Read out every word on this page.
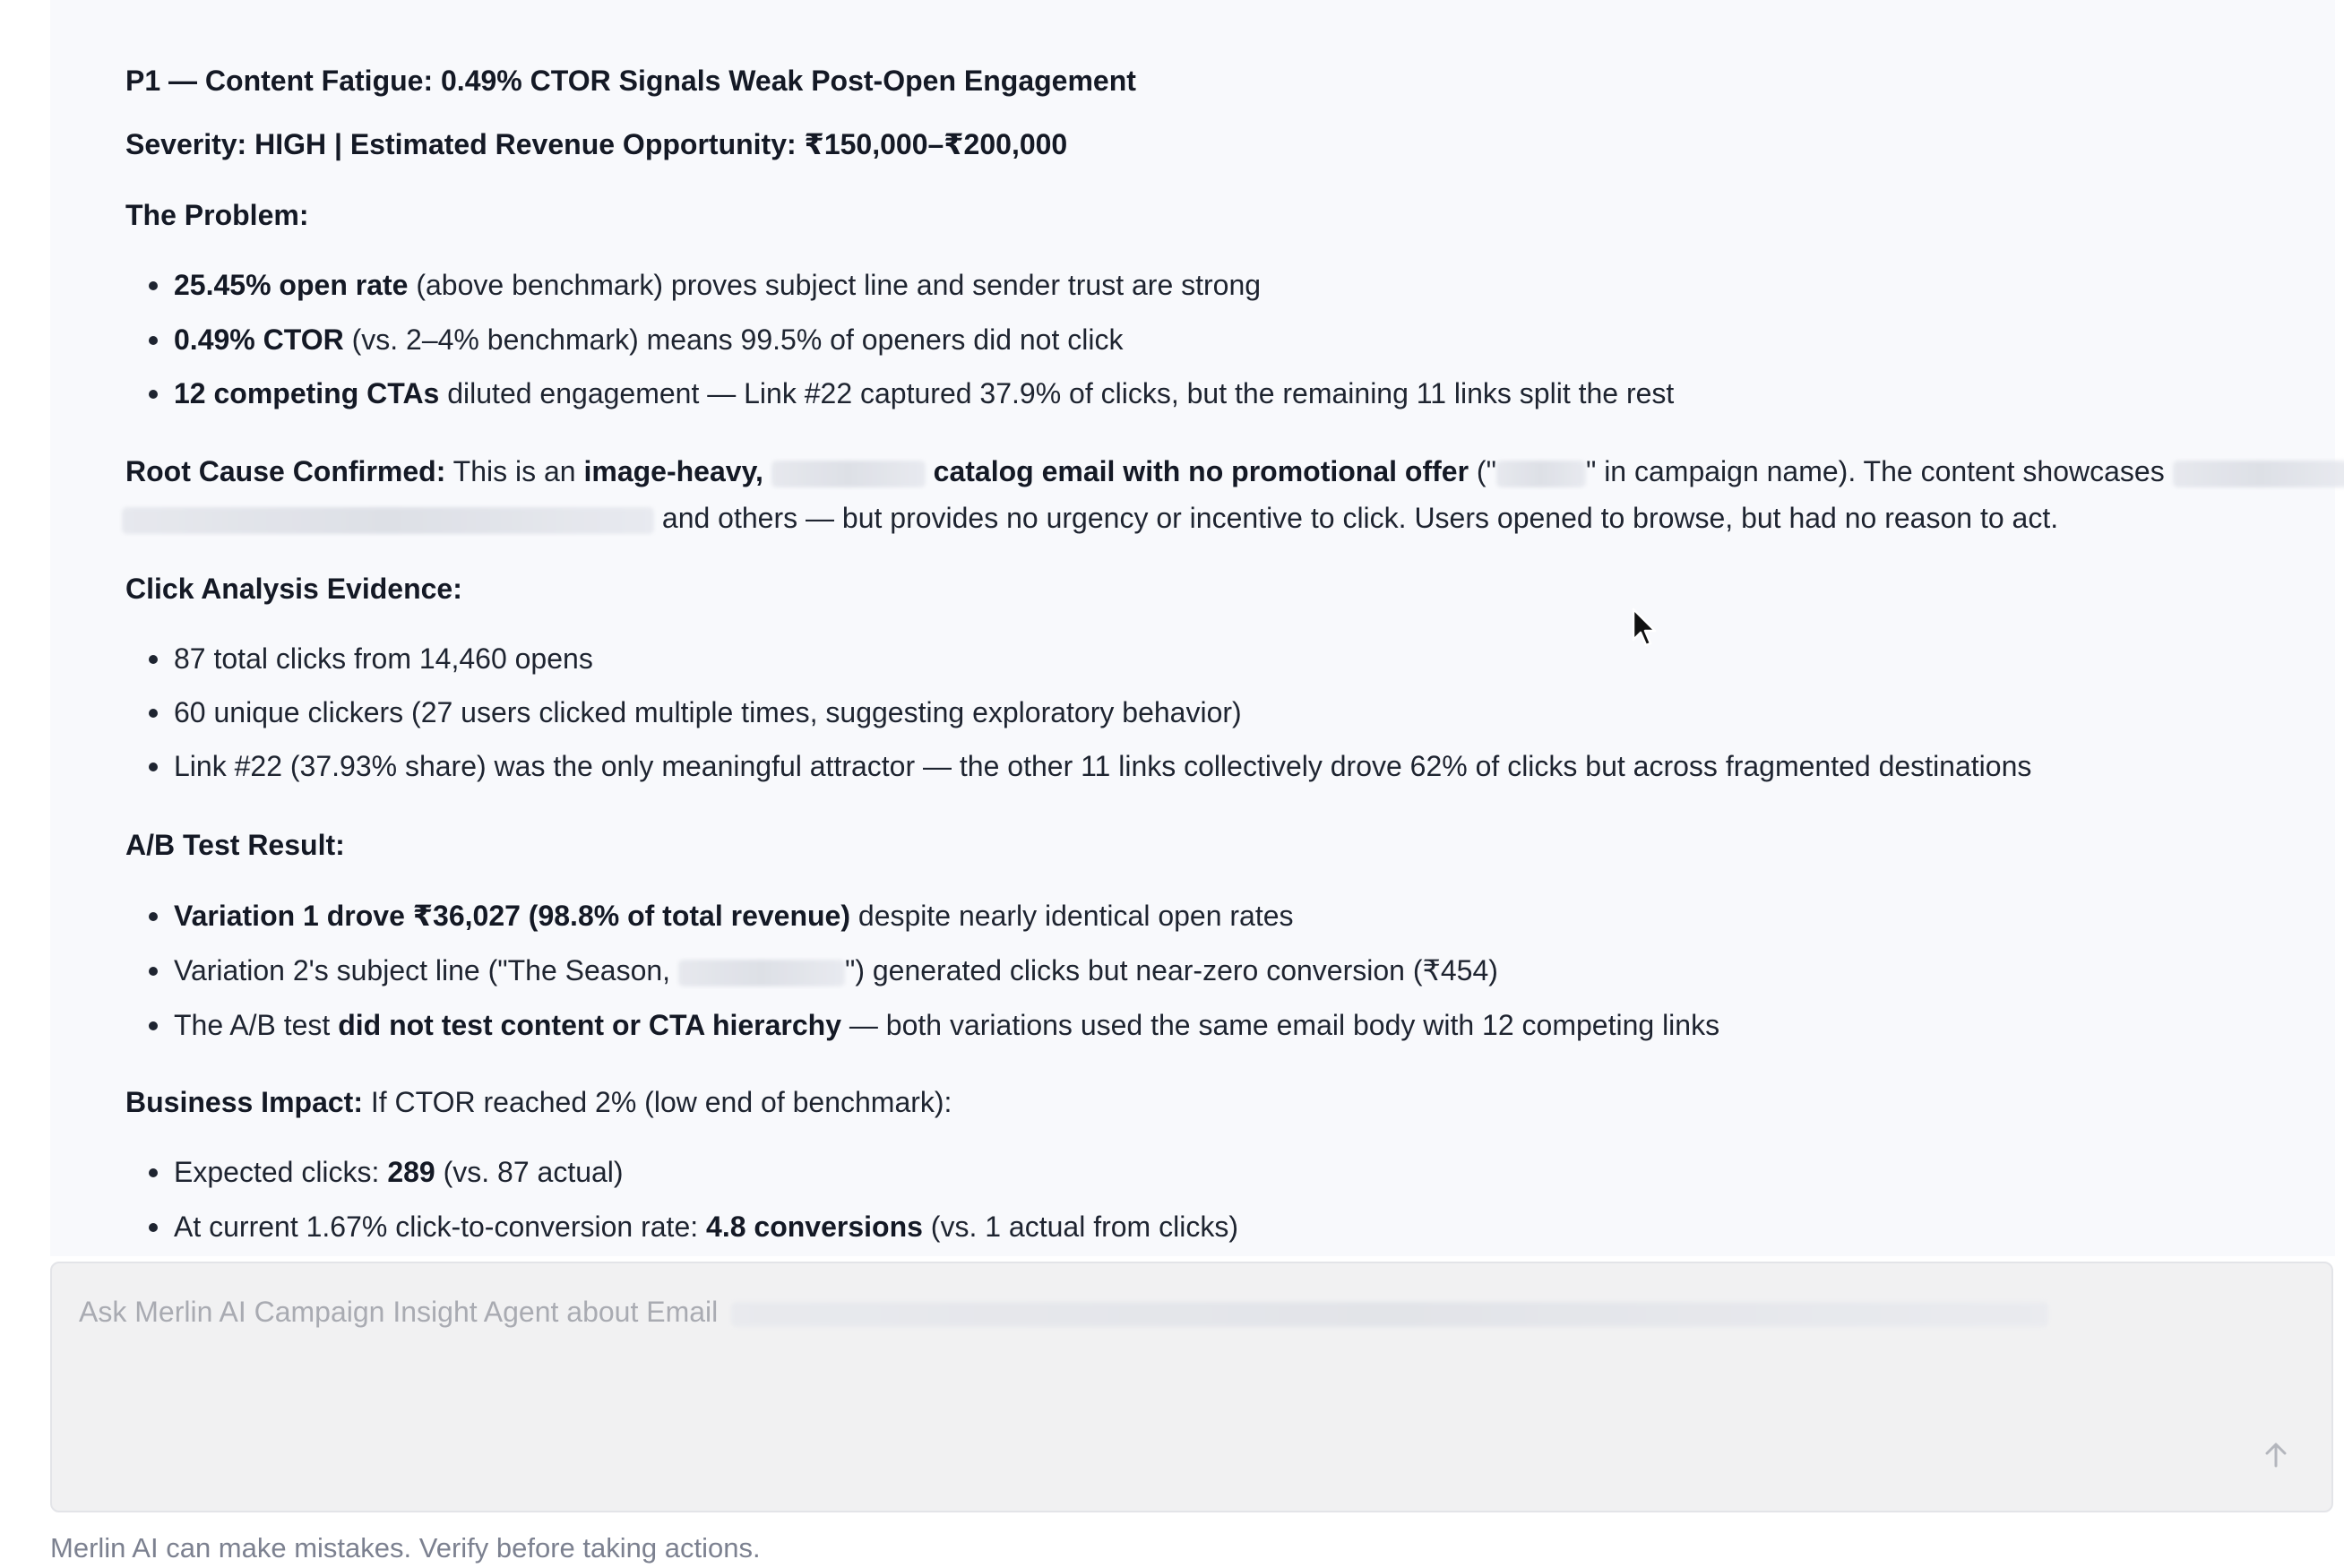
P1 — Content Fatigue: 0.49% CTOR Signals Weak Post-Open Engagement
Severity: HIGH | Estimated Revenue Opportunity: ₹150,000–₹200,000
The Problem:
25.45% open rate (above benchmark) proves subject line and sender trust are strong
0.49% CTOR (vs. 2–4% benchmark) means 99.5% of openers did not click
12 competing CTAs diluted engagement — Link #22 captured 37.9% of clicks, but the remaining 11 links split the rest
Root Cause Confirmed: This is an image-heavy,	catalog email with no promotional offer ("	" in campaign name). The content showcases
and others — but provides no urgency or incentive to click. Users opened to browse, but had no reason to act.
Click Analysis Evidence:
87 total clicks from 14,460 opens
60 unique clickers (27 users clicked multiple times, suggesting exploratory behavior)
Link #22 (37.93% share) was the only meaningful attractor — the other 11 links collectively drove 62% of clicks but across fragmented destinations
A/B Test Result:
Variation 1 drove ₹36,027 (98.8% of total revenue) despite nearly identical open rates
Variation 2's subject line ("The Season,	") generated clicks but near-zero conversion (₹454)
The A/B test did not test content or CTA hierarchy — both variations used the same email body with 12 competing links
Business Impact: If CTOR reached 2% (low end of benchmark):
Expected clicks: 289 (vs. 87 actual)
At current 1.67% click-to-conversion rate: 4.8 conversions (vs. 1 actual from clicks)
Ask Merlin AI Campaign Insight Agent about Email
Merlin AI can make mistakes. Verify before taking actions.
